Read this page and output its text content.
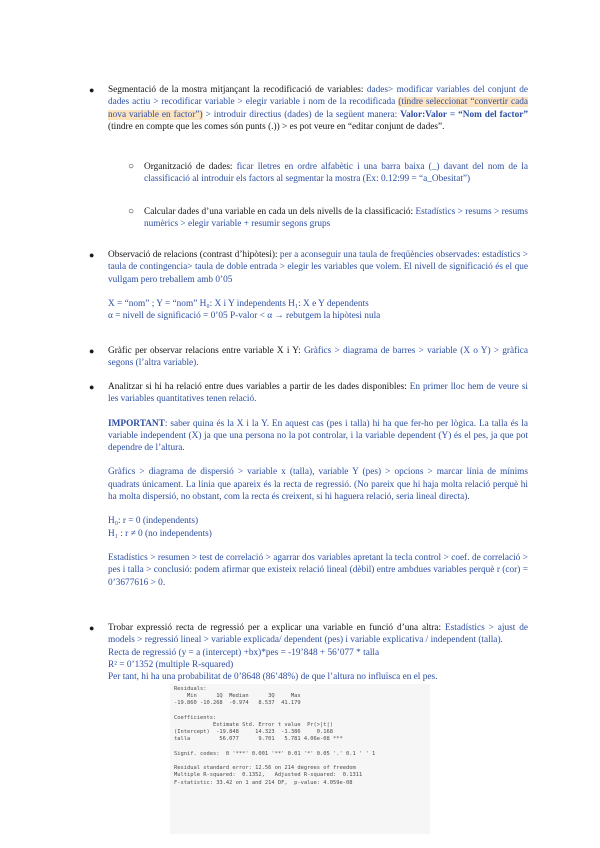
● Segmentació de la mostra mitjançant la recodificació de variables: dades> modificar variables del conjunt de dades actiu > recodificar variable > elegir variable i nom de la recodificada (tindre seleccionat “convertir cada nova variable en factor”) > introduir directius (dades) de la següent manera: Valor:Valor = “Nom del factor” (tindre en compte que les comes són punts (.)) > es pot veure en “editar conjunt de dades”.

○ Organització de dades: ficar lletres en ordre alfabètic i una barra baixa (_) davant del nom de la classificació al introduir els factors al segmentar la mostra (Ex: 0.12:99 = “a_Obesitat”)

○ Calcular dades d’una variable en cada un dels nivells de la classificació: Estadístics > resums > resums numèrics > elegir variable + resumir segons grups

● Observació de relacions (contrast d’hipòtesi): per a aconseguir una taula de freqüències observades: estadístics > taula de contingencia> taula de doble entrada > elegir les variables que volem. El nivell de significació és el que vullgam pero treballem amb 0’05

X = “nom” ; Y = “nom” H₀: X i Y independents H₁: X e Y dependents

α = nivell de significació = 0’05 P-valor < α → rebutgem la hipòtesi nula

● Gràfic per observar relacions entre variable X i Y: Gràfics > diagrama de barres > variable (X o Y) > gràfica segons (l’altra variable).

● Analitzar si hi ha relació entre dues variables a partir de les dades disponibles: En primer lloc hem de veure si les variables quantitatives tenen relació.

IMPORTANT: saber quina és la X i la Y. En aquest cas (pes i talla) hi ha que fer-ho per lògica. La talla és la variable independent (X) ja que una persona no la pot controlar, i la variable dependent (Y) és el pes, ja que pot dependre de l’altura.

Gràfics > diagrama de dispersió > variable x (talla), variable Y (pes) > opcions > marcar línia de mínims quadrats únicament. La línia que apareix és la recta de regressió. (No pareix que hi haja molta relació perquè hi ha molta dispersió, no obstant, com la recta és creixent, si hi haguera relació, seria lineal directa).

H₀: r = 0 (independents)

H₁ : r ≠ 0 (no independents)

Estadístics > resumen > test de correlació > agarrar dos variables apretant la tecla control > coef. de correlació > pes i talla > conclusió: podem afirmar que existeix relació lineal (dèbil) entre ambdues variables perquè r (cor) = 0’3677616 > 0.

● Trobar expressió recta de regressió per a explicar una variable en funció d’una altra: Estadístics > ajust de models > regressió lineal > variable explicada/ dependent (pes) i variable explicativa / independent (talla).

Recta de regressió (y = a (intercept) +bx)*pes = -19’848 + 56’077 * talla

R² = 0’1352 (multiple R-squared)

Per tant, hi ha una probabilitat de 0’8648 (86’48%) de que l’altura no influïsca en el pes.

Residuals:
Min      1Q  Median      3Q     Max
-19.860 -10.268  -0.974   8.537  41.179

Coefficients:
Estimate Std. Error t value  Pr(>|t|)
(Intercept)  -19.848     14.323  -1.386     0.168
talla         56.077      9.701   5.781 4.06e-08 ***

Signif. codes:  0 '***' 0.001 '**' 0.01 '*' 0.05 '.' 0.1 ' ' 1

Residual standard error: 12.56 on 214 degrees of freedom
Multiple R-squared:  0.1352,   Adjusted R-squared:  0.1311
F-statistic: 33.42 on 1 and 214 DF,  p-value: 4.059e-08
